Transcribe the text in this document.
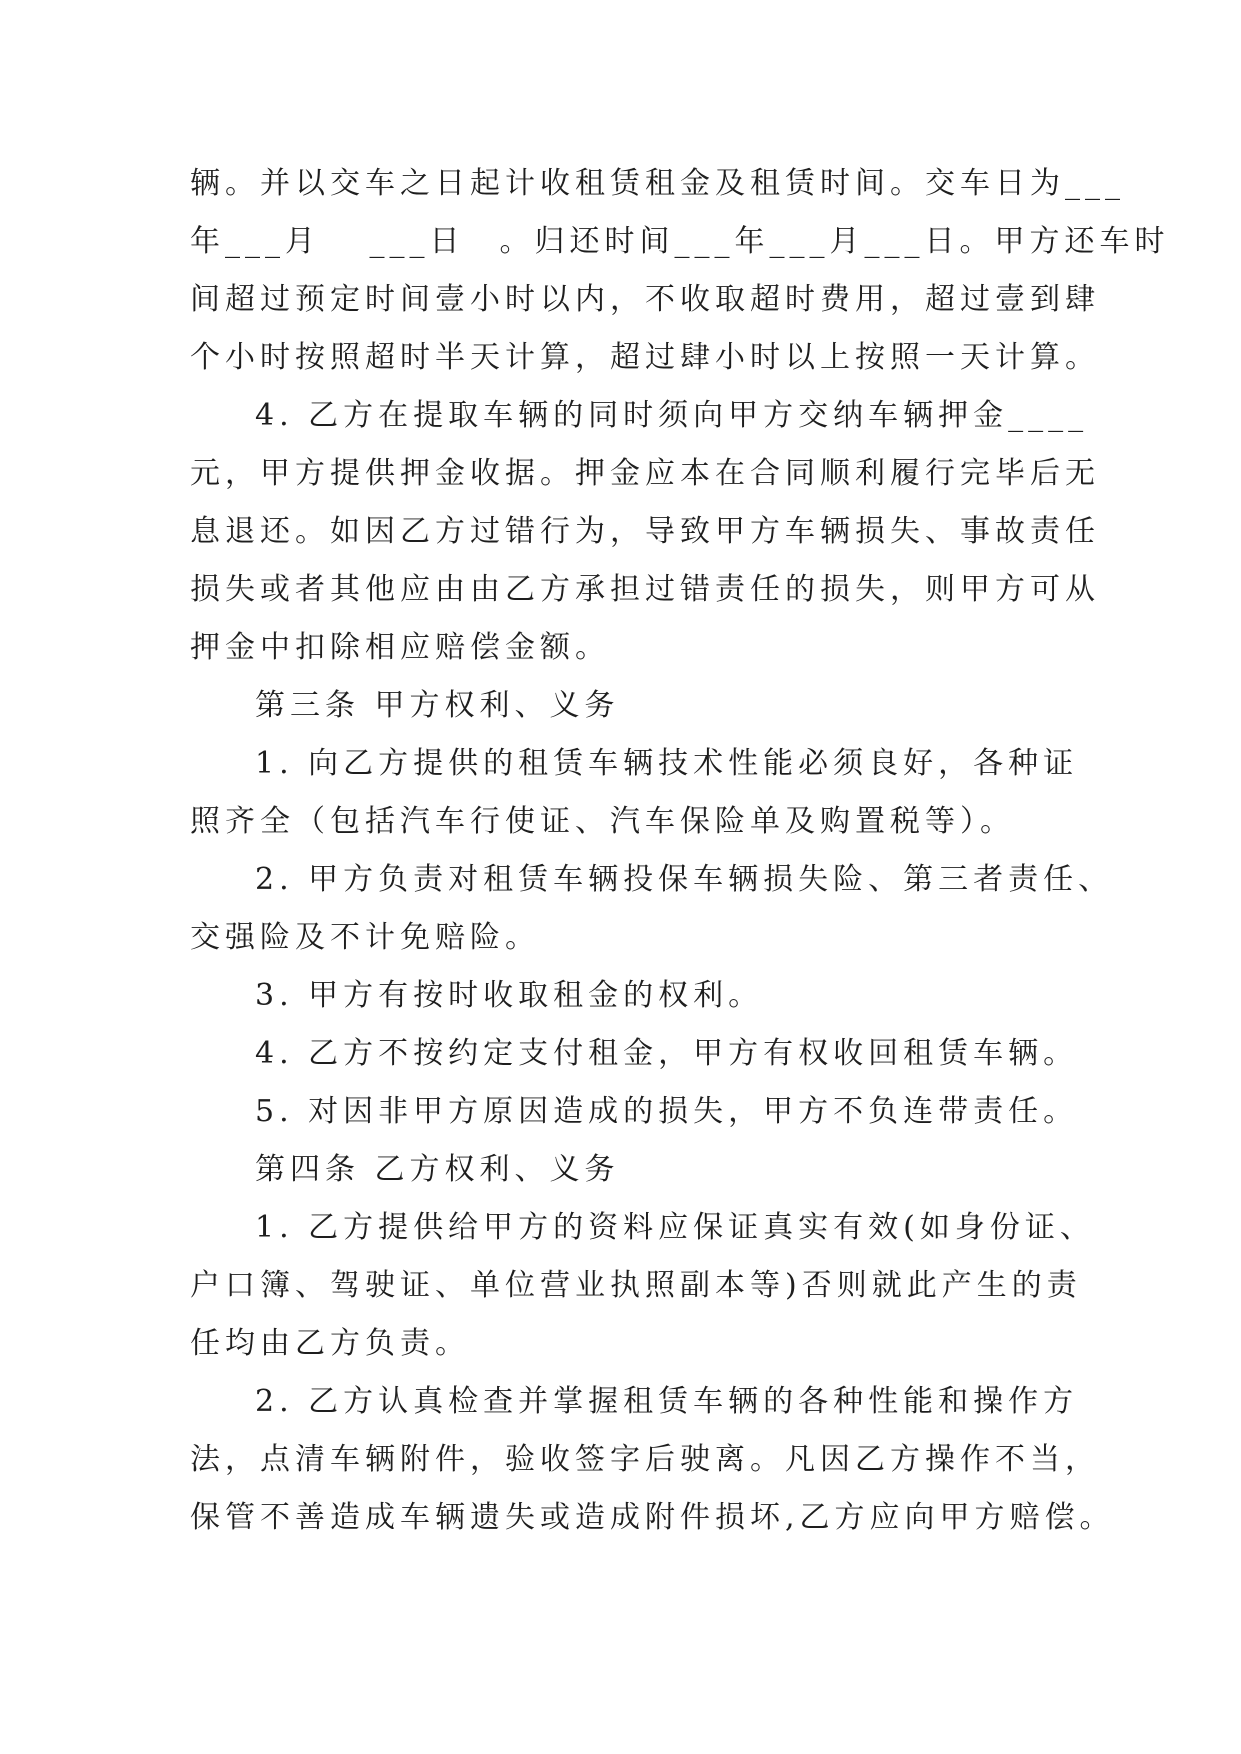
辆。并以交车之日起计收租赁租金及租赁时间。交车日为___
年___月　 ___日　。归还时间___年___月___日。甲方还车时
间超过预定时间壹小时以内，不收取超时费用，超过壹到肆
个小时按照超时半天计算，超过肆小时以上按照一天计算。
4. 乙方在提取车辆的同时须向甲方交纳车辆押金____
元，甲方提供押金收据。押金应本在合同顺利履行完毕后无
息退还。如因乙方过错行为，导致甲方车辆损失、事故责任
损失或者其他应由由乙方承担过错责任的损失，则甲方可从
押金中扣除相应赔偿金额。
第三条 甲方权利、义务
1. 向乙方提供的租赁车辆技术性能必须良好，各种证
照齐全（包括汽车行使证、汽车保险单及购置税等）。
2. 甲方负责对租赁车辆投保车辆损失险、第三者责任、
交强险及不计免赔险。
3. 甲方有按时收取租金的权利。
4. 乙方不按约定支付租金，甲方有权收回租赁车辆。
5. 对因非甲方原因造成的损失，甲方不负连带责任。
第四条 乙方权利、义务
1. 乙方提供给甲方的资料应保证真实有效(如身份证、
户口簿、驾驶证、单位营业执照副本等)否则就此产生的责
任均由乙方负责。
2. 乙方认真检查并掌握租赁车辆的各种性能和操作方
法，点清车辆附件，验收签字后驶离。凡因乙方操作不当，
保管不善造成车辆遗失或造成附件损坏,乙方应向甲方赔偿。
